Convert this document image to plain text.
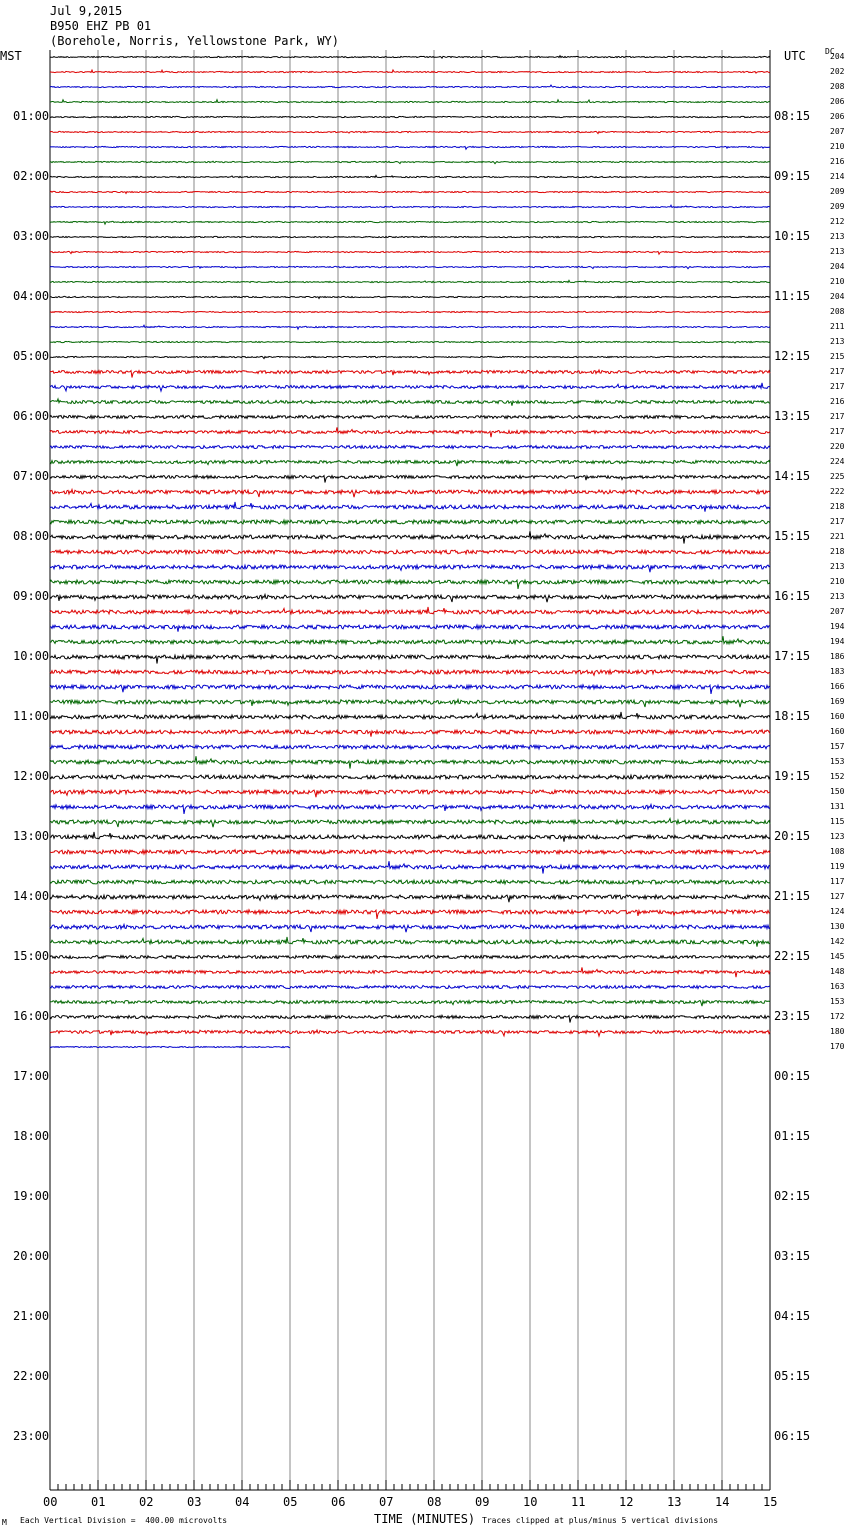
Jul 9,2015
B950 EHZ PB 01
(Borehole, Norris, Yellowstone Park, WY)
MST	UTC DC
01:00
02:00
03:00
04:00
05:00
06:00
07:00
08:00
09:00
10:00
11:00
12:00
13:00
14:00
15:00
16:00
17:00
18:00
19:00
20:00
21:00
22:00
23:00
08:15
09:15
10:15
11:15
12:15
13:15
14:15
15:15
16:15
17:15
18:15
19:15
20:15
21:15
22:15
23:15
00:15
01:15
02:15
03:15
04:15
05:15
06:15
204
202
208
206
206
207
210
216
214
209
209
212
213
213
204
210
204
208
211
213
215
217
217
216
217
217
220
224
225
222
218
217
221
218
213
210
213
207
194
194
186
183
166
169
160
160
157
153
152
150
131
115
123
108
119
117
127
124
130
142
145
148
163
153
172
180
170
00	01	02	03	04	05	06	07	08	09	10	11	12	13	14	15
M Each Vertical Division =  400.00 microvolts	TIME (MINUTES) Traces clipped at plus/minus 5 vertical divisions
